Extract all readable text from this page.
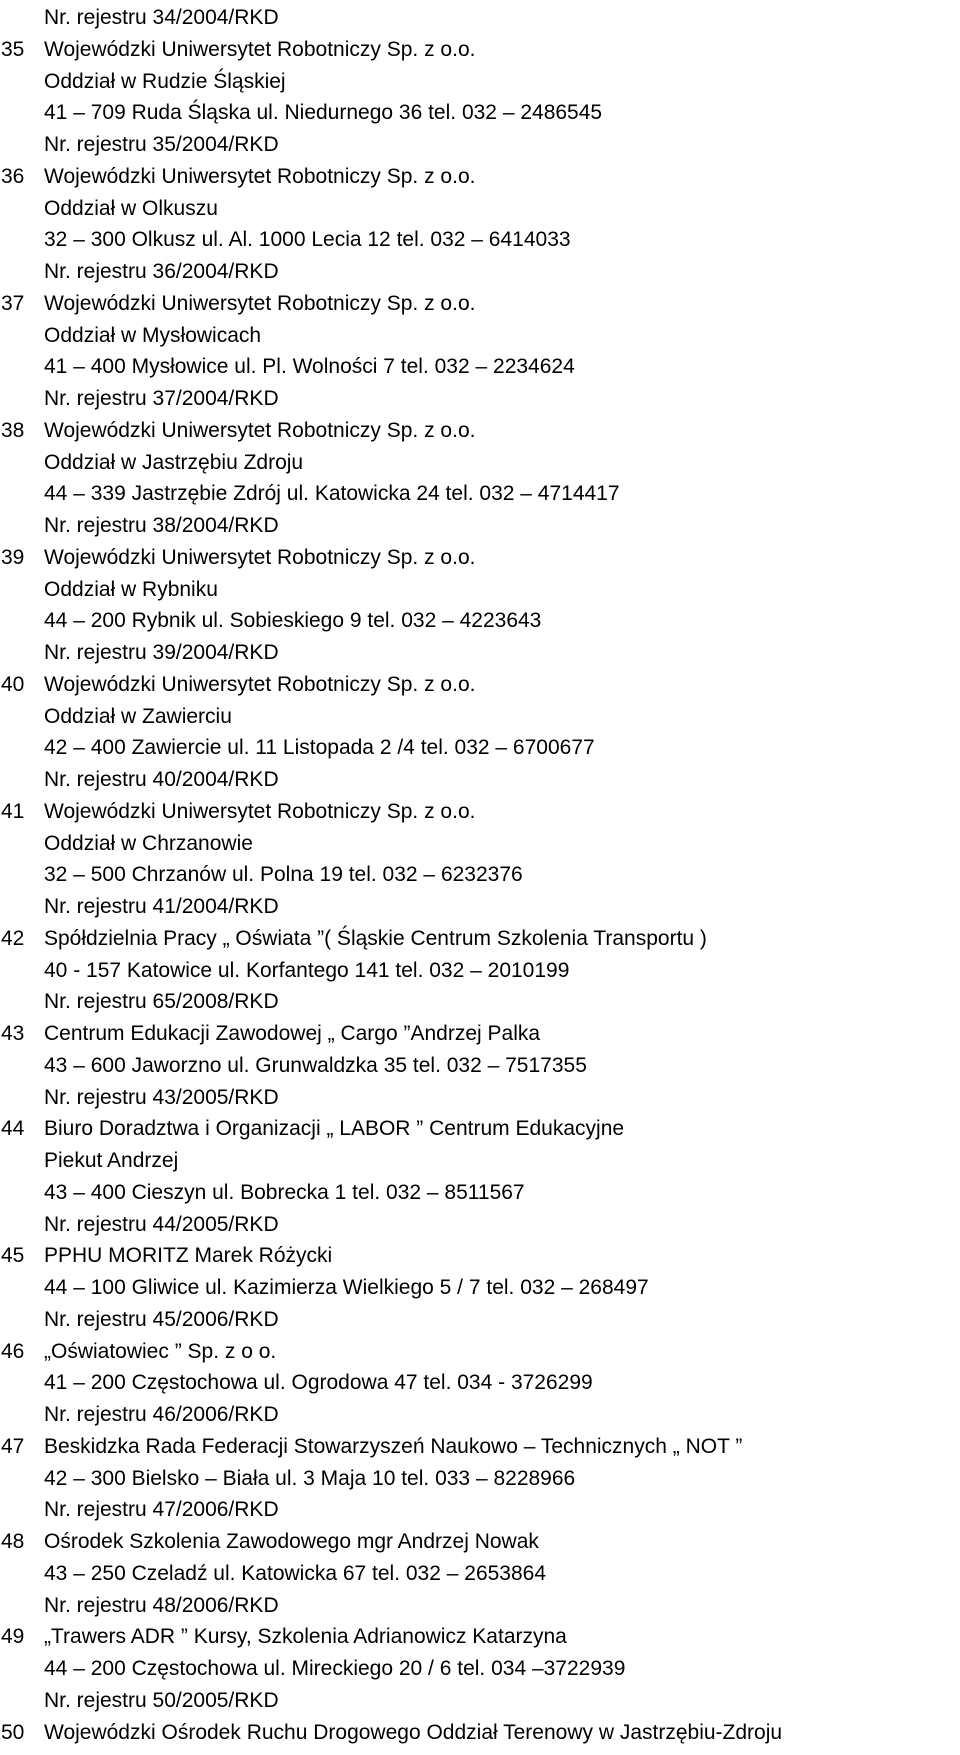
Nr. rejestru 34/2004/RKD
35 Wojewódzki Uniwersytet Robotniczy Sp. z o.o.
Oddział w Rudzie Śląskiej
41 – 709 Ruda Śląska ul. Niedurnego 36 tel. 032 – 2486545
Nr. rejestru 35/2004/RKD
36 Wojewódzki Uniwersytet Robotniczy Sp. z o.o.
Oddział w Olkuszu
32 – 300 Olkusz ul. Al. 1000 Lecia 12 tel. 032 – 6414033
Nr. rejestru 36/2004/RKD
37 Wojewódzki Uniwersytet Robotniczy Sp. z o.o.
Oddział w Mysłowicach
41 – 400 Mysłowice ul. Pl. Wolności 7 tel. 032 – 2234624
Nr. rejestru 37/2004/RKD
38 Wojewódzki Uniwersytet Robotniczy Sp. z o.o.
Oddział w Jastrzębiu Zdroju
44 – 339 Jastrzębie Zdrój ul. Katowicka 24 tel. 032 – 4714417
Nr. rejestru 38/2004/RKD
39 Wojewódzki Uniwersytet Robotniczy Sp. z o.o.
Oddział w Rybniku
44 – 200 Rybnik ul. Sobieskiego 9 tel. 032 – 4223643
Nr. rejestru 39/2004/RKD
40 Wojewódzki Uniwersytet Robotniczy Sp. z o.o.
Oddział w Zawierciu
42 – 400 Zawiercie ul. 11 Listopada 2 /4 tel. 032 – 6700677
Nr. rejestru 40/2004/RKD
41 Wojewódzki Uniwersytet Robotniczy Sp. z o.o.
Oddział w Chrzanowie
32 – 500 Chrzanów ul. Polna 19 tel. 032 – 6232376
Nr. rejestru 41/2004/RKD
42 Spółdzielnia Pracy „ Oświata ”( Śląskie Centrum Szkolenia Transportu )
40 - 157 Katowice ul. Korfantego 141 tel. 032 – 2010199
Nr. rejestru 65/2008/RKD
43 Centrum Edukacji Zawodowej „ Cargo ”Andrzej Palka
43 – 600 Jaworzno ul. Grunwaldzka 35 tel. 032 – 7517355
Nr. rejestru 43/2005/RKD
44 Biuro Doradztwa i Organizacji „ LABOR ” Centrum Edukacyjne
Piekut Andrzej
43 – 400 Cieszyn ul. Bobrecka 1 tel. 032 – 8511567
Nr. rejestru 44/2005/RKD
45 PPHU MORITZ Marek Różycki
44 – 100 Gliwice ul. Kazimierza Wielkiego 5 / 7 tel. 032 – 268497
Nr. rejestru 45/2006/RKD
46 „Oświatowiec ” Sp. z o o.
41 – 200 Częstochowa ul. Ogrodowa 47 tel. 034 - 3726299
Nr. rejestru 46/2006/RKD
47 Beskidzka Rada Federacji Stowarzyszeń Naukowo – Technicznych „ NOT ”
42 – 300 Bielsko – Biała ul. 3 Maja 10 tel. 033 – 8228966
Nr. rejestru 47/2006/RKD
48 Ośrodek Szkolenia Zawodowego mgr Andrzej Nowak
43 – 250 Czeladź ul. Katowicka 67 tel. 032 – 2653864
Nr. rejestru 48/2006/RKD
49 „Trawers ADR ” Kursy, Szkolenia Adrianowicz Katarzyna
44 – 200 Częstochowa ul. Mireckiego 20 / 6 tel. 034 –3722939
Nr. rejestru 50/2005/RKD
50 Wojewódzki Ośrodek Ruchu Drogowego Oddział Terenowy w Jastrzębiu-Zdroju
